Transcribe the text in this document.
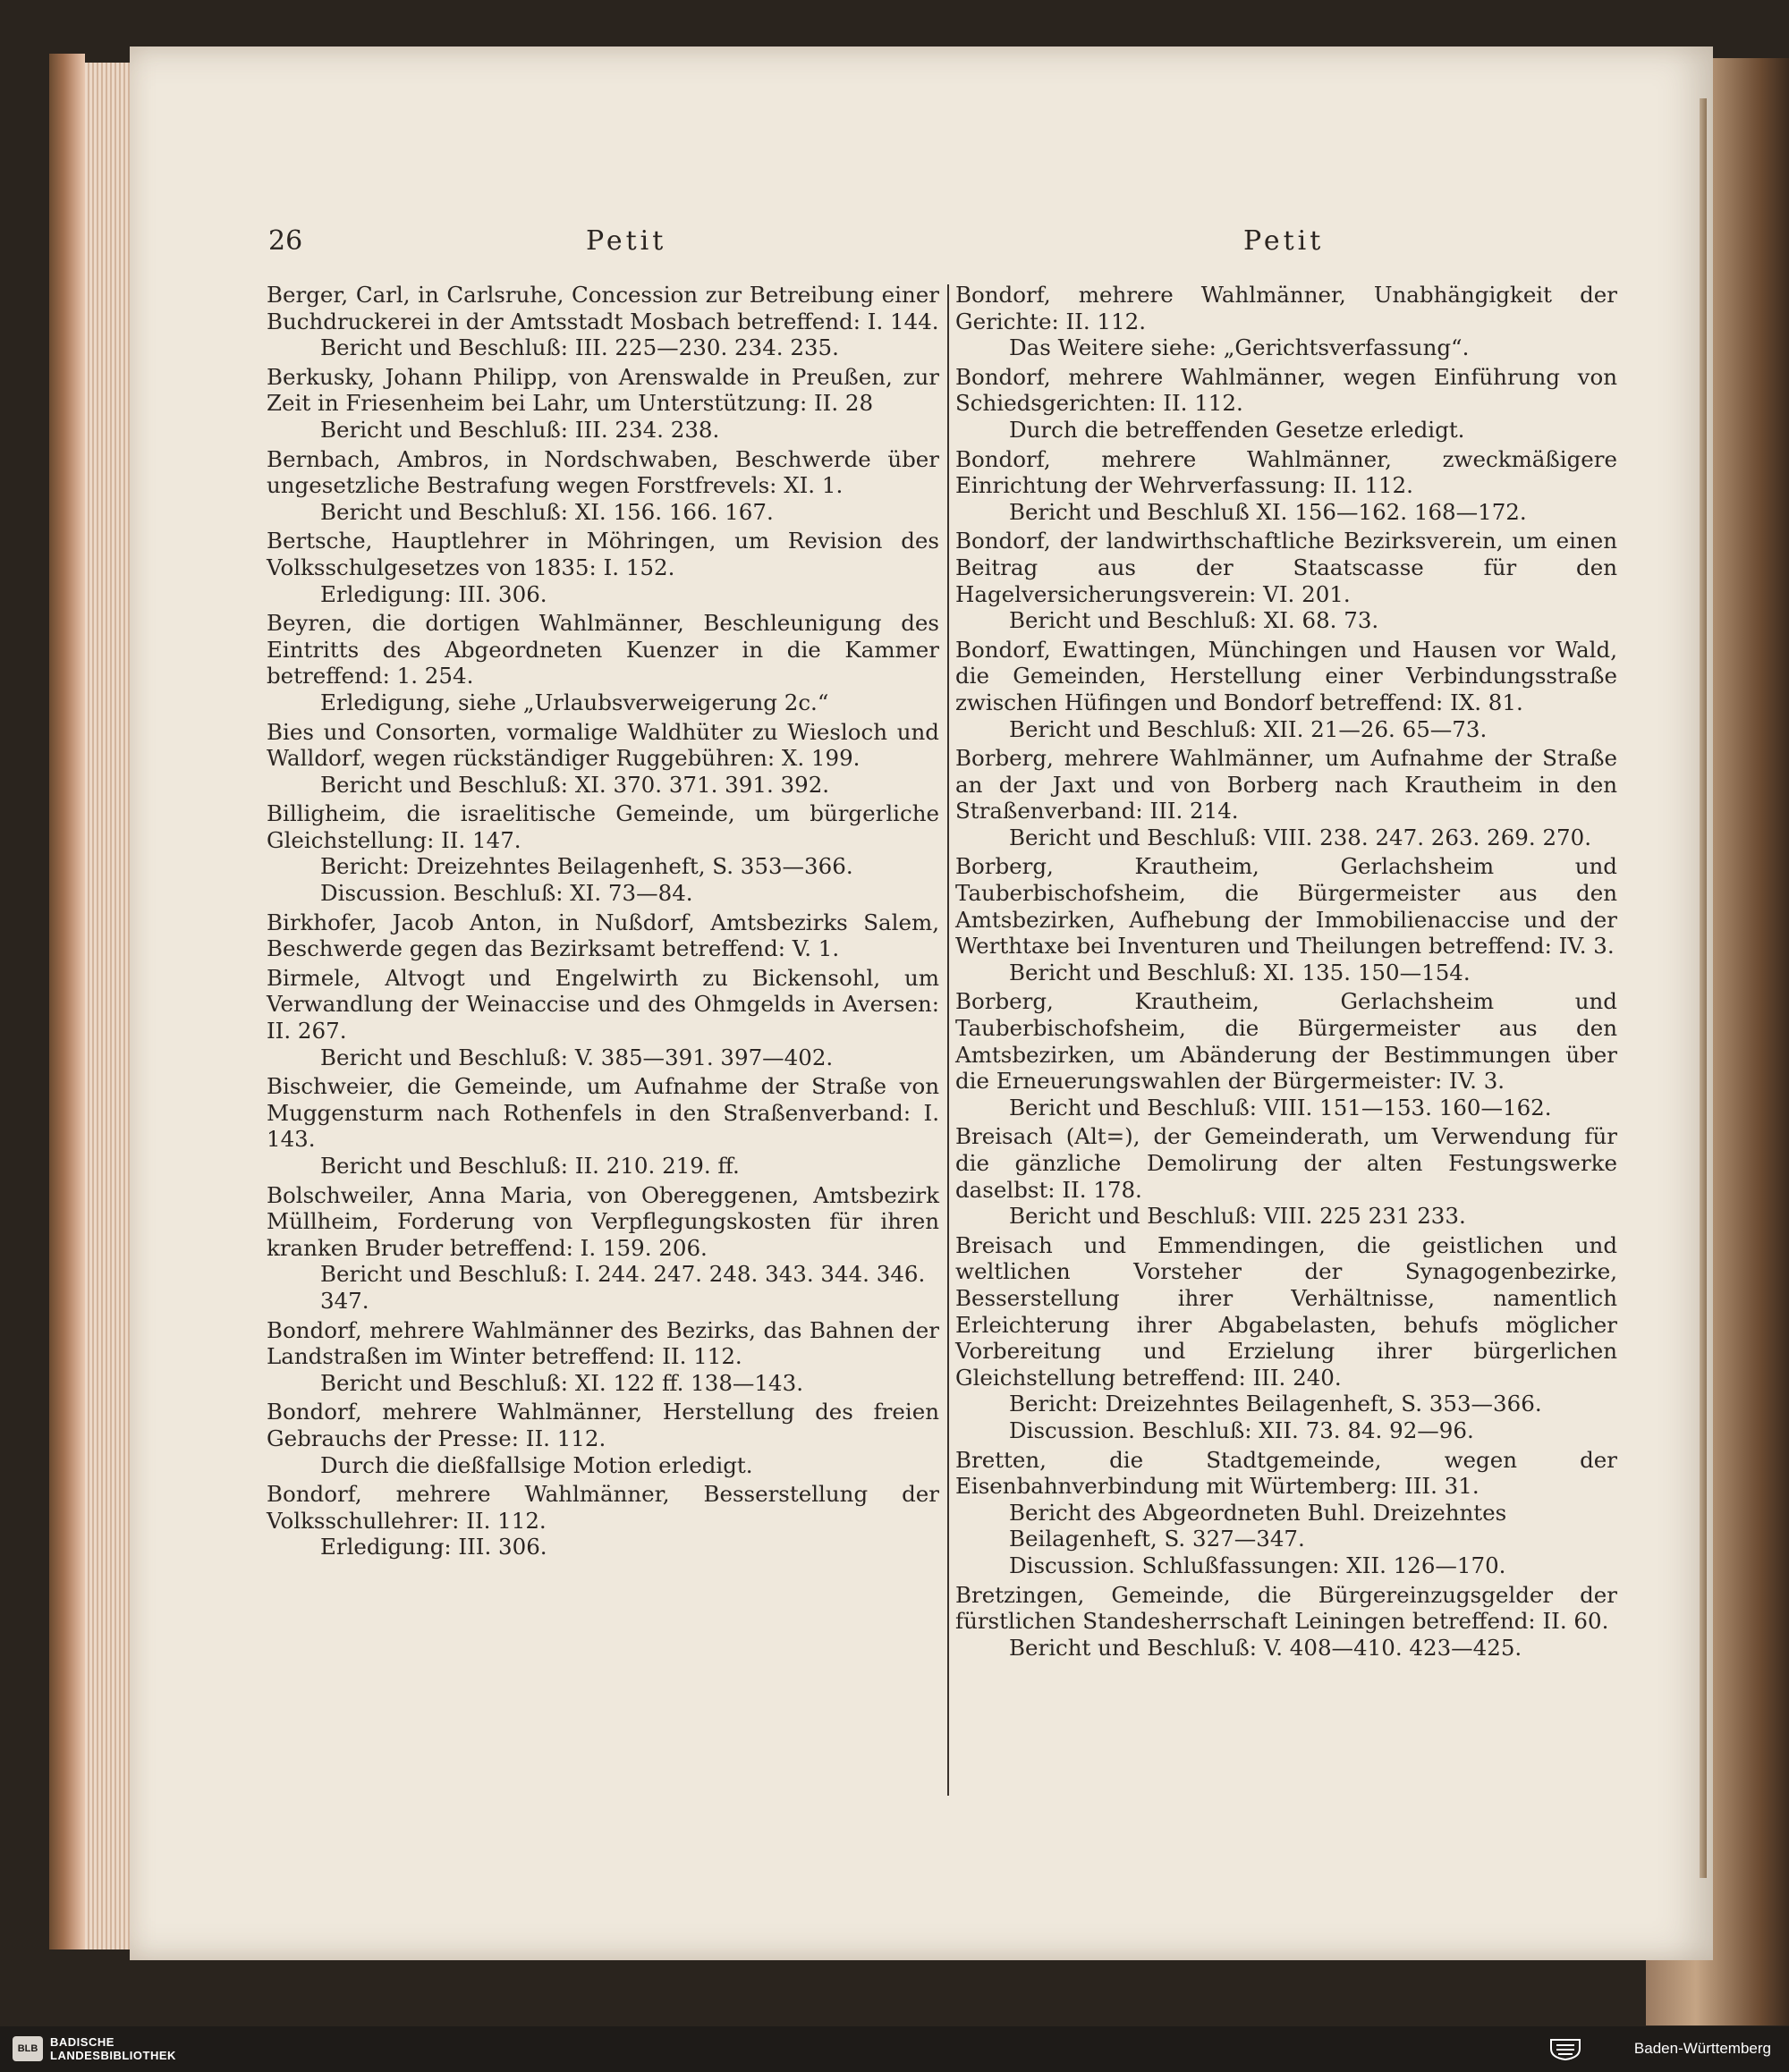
26	Petit	Petit
Berger, Carl, in Carlsruhe, Concession zur Betreibung einer Buchdruckerei in der Amtsstadt Mosbach betreffend: I. 144.
Bericht und Beschluß: III. 225—230. 234. 235.
Berkusky, Johann Philipp, von Arenswalde in Preußen, zur Zeit in Friesenheim bei Lahr, um Unterstützung: II. 28
Bericht und Beschluß: III. 234. 238.
Bernbach, Ambros, in Nordschwaben, Beschwerde über ungesetzliche Bestrafung wegen Forstfrevels: XI. 1.
Bericht und Beschluß: XI. 156. 166. 167.
Bertsche, Hauptlehrer in Möhringen, um Revision des Volksschulgesetzes von 1835: I. 152.
Erledigung: III. 306.
Beyren, die dortigen Wahlmänner, Beschleunigung des Eintritts des Abgeordneten Kuenzer in die Kammer betreffend: 1. 254.
Erledigung, siehe „Urlaubsverweigerung 2c.“
Bies und Consorten, vormalige Waldhüter zu Wiesloch und Walldorf, wegen rückständiger Ruggebühren: X. 199.
Bericht und Beschluß: XI. 370. 371. 391. 392.
Billigheim, die israelitische Gemeinde, um bürgerliche Gleichstellung: II. 147.
Bericht: Dreizehntes Beilagenheft, S. 353—366.
Discussion. Beschluß: XI. 73—84.
Birkhofer, Jacob Anton, in Nußdorf, Amtsbezirks Salem, Beschwerde gegen das Bezirksamt betreffend: V. 1.
Birmele, Altvogt und Engelwirth zu Bickensohl, um Verwandlung der Weinaccise und des Ohmgelds in Aversen: II. 267.
Bericht und Beschluß: V. 385—391. 397—402.
Bischweier, die Gemeinde, um Aufnahme der Straße von Muggensturm nach Rothenfels in den Straßenverband: I. 143.
Bericht und Beschluß: II. 210. 219. ff.
Bolschweiler, Anna Maria, von Obereggenen, Amtsbezirk Müllheim, Forderung von Verpflegungskosten für ihren kranken Bruder betreffend: I. 159. 206.
Bericht und Beschluß: I. 244. 247. 248. 343. 344. 346. 347.
Bondorf, mehrere Wahlmänner des Bezirks, das Bahnen der Landstraßen im Winter betreffend: II. 112.
Bericht und Beschluß: XI. 122 ff. 138—143.
Bondorf, mehrere Wahlmänner, Herstellung des freien Gebrauchs der Presse: II. 112.
Durch die dießfallsige Motion erledigt.
Bondorf, mehrere Wahlmänner, Besserstellung der Volksschullehrer: II. 112.
Erledigung: III. 306.
Bondorf, mehrere Wahlmänner, Unabhängigkeit der Gerichte: II. 112.
Das Weitere siehe: „Gerichtsverfassung“.
Bondorf, mehrere Wahlmänner, wegen Einführung von Schiedsgerichten: II. 112.
Durch die betreffenden Gesetze erledigt.
Bondorf, mehrere Wahlmänner, zweckmäßigere Einrichtung der Wehrverfassung: II. 112.
Bericht und Beschluß XI. 156—162. 168—172.
Bondorf, der landwirthschaftliche Bezirksverein, um einen Beitrag aus der Staatscasse für den Hagelversicherungsverein: VI. 201.
Bericht und Beschluß: XI. 68. 73.
Bondorf, Ewattingen, Münchingen und Hausen vor Wald, die Gemeinden, Herstellung einer Verbindungsstraße zwischen Hüfingen und Bondorf betreffend: IX. 81.
Bericht und Beschluß: XII. 21—26. 65—73.
Borberg, mehrere Wahlmänner, um Aufnahme der Straße an der Jaxt und von Borberg nach Krautheim in den Straßenverband: III. 214.
Bericht und Beschluß: VIII. 238. 247. 263. 269. 270.
Borberg, Krautheim, Gerlachsheim und Tauberbischofsheim, die Bürgermeister aus den Amtsbezirken, Aufhebung der Immobilienaccise und der Werthtaxe bei Inventuren und Theilungen betreffend: IV. 3.
Bericht und Beschluß: XI. 135. 150—154.
Borberg, Krautheim, Gerlachsheim und Tauberbischofsheim, die Bürgermeister aus den Amtsbezirken, um Abänderung der Bestimmungen über die Erneuerungswahlen der Bürgermeister: IV. 3.
Bericht und Beschluß: VIII. 151—153. 160—162.
Breisach (Alt=), der Gemeinderath, um Verwendung für die gänzliche Demolirung der alten Festungswerke daselbst: II. 178.
Bericht und Beschluß: VIII. 225 231 233.
Breisach und Emmendingen, die geistlichen und weltlichen Vorsteher der Synagogenbezirke, Besserstellung ihrer Verhältnisse, namentlich Erleichterung ihrer Abgabelasten, behufs möglicher Vorbereitung und Erzielung ihrer bürgerlichen Gleichstellung betreffend: III. 240.
Bericht: Dreizehntes Beilagenheft, S. 353—366.
Discussion. Beschluß: XII. 73. 84. 92—96.
Bretten, die Stadtgemeinde, wegen der Eisenbahnverbindung mit Würtemberg: III. 31.
Bericht des Abgeordneten Buhl. Dreizehntes Beilagenheft, S. 327—347.
Discussion. Schlußfassungen: XII. 126—170.
Bretzingen, Gemeinde, die Bürgereinzugsgelder der fürstlichen Standesherrschaft Leiningen betreffend: II. 60.
Bericht und Beschluß: V. 408—410. 423—425.
BLB	BADISCHE
LANDESBIBLIOTHEK	Baden-Württemberg
